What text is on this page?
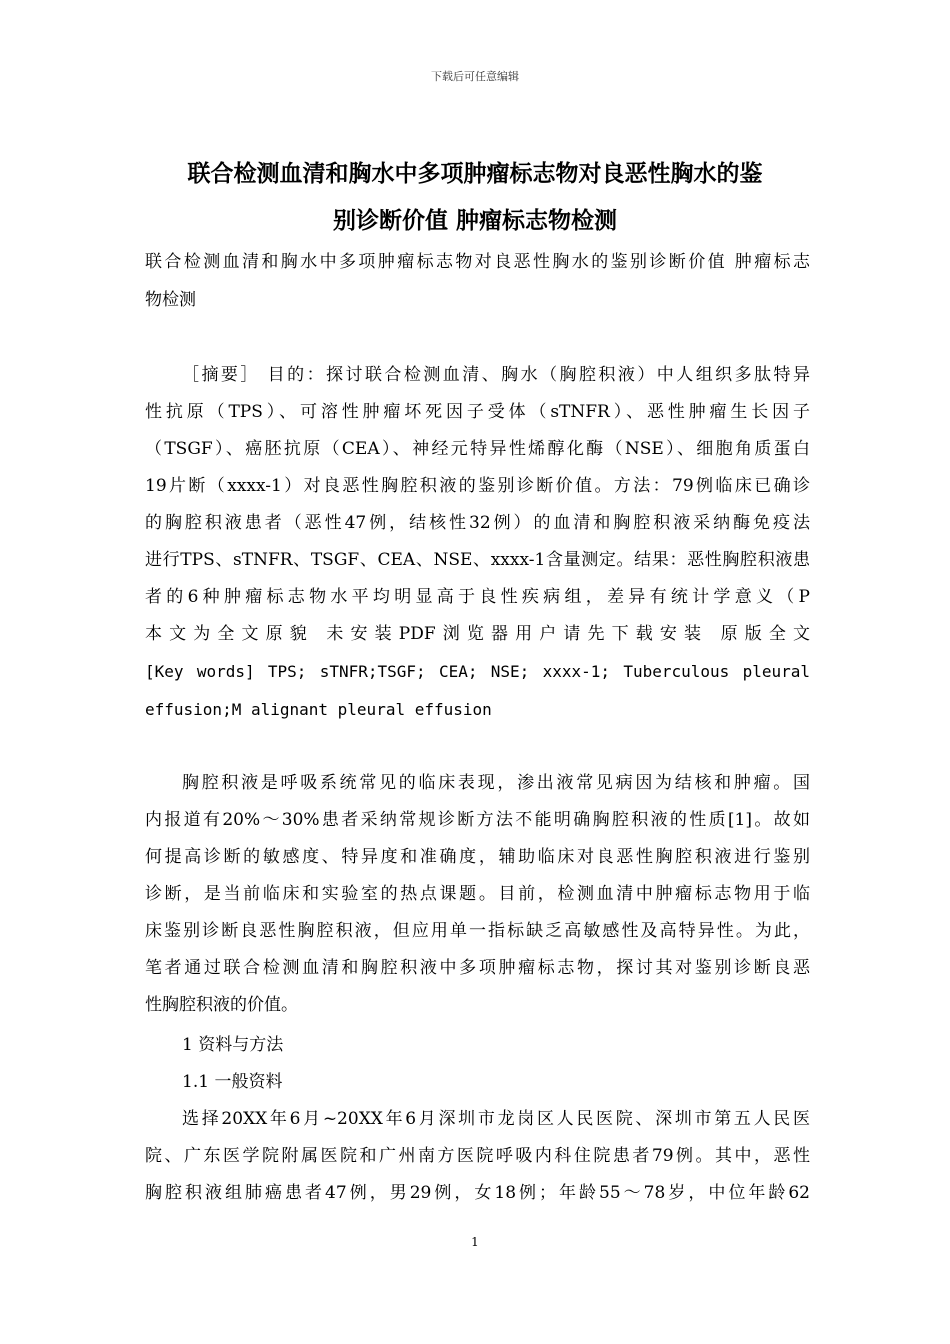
下载后可任意编辑
联合检测血清和胸水中多项肿瘤标志物对良恶性胸水的鉴
别诊断价值 肿瘤标志物检测
联合检测血清和胸水中多项肿瘤标志物对良恶性胸水的鉴别诊断价值 肿瘤标志
物检测
［摘要］ 目的：探讨联合检测血清、胸水（胸腔积液）中人组织多肽特异
性抗原（TPS）、可溶性肿瘤坏死因子受体（sTNFR）、恶性肿瘤生长因子
（TSGF）、癌胚抗原（CEA）、神经元特异性烯醇化酶（NSE）、细胞角质蛋白
19片断（xxxx-1）对良恶性胸腔积液的鉴别诊断价值。方法：79例临床已确诊
的胸腔积液患者（恶性47例，结核性32例）的血清和胸腔积液采纳酶免疫法
进行TPS、sTNFR、TSGF、CEA、NSE、xxxx-1含量测定。结果：恶性胸腔积液患
者的6种肿瘤标志物水平均明显高于良性疾病组，差异有统计学意义（P
本文为全文原貌 未安装PDF浏览器用户请先下载安装 原版全文
[Key words] TPS; sTNFR;TSGF; CEA; NSE; xxxx-1; Tuberculous pleural
effusion;M alignant pleural effusion
胸腔积液是呼吸系统常见的临床表现，渗出液常见病因为结核和肿瘤。国
内报道有20%～30%患者采纳常规诊断方法不能明确胸腔积液的性质[1]。故如
何提高诊断的敏感度、特异度和准确度，辅助临床对良恶性胸腔积液进行鉴别
诊断，是当前临床和实验室的热点课题。目前，检测血清中肿瘤标志物用于临
床鉴别诊断良恶性胸腔积液，但应用单一指标缺乏高敏感性及高特异性。为此，
笔者通过联合检测血清和胸腔积液中多项肿瘤标志物，探讨其对鉴别诊断良恶
性胸腔积液的价值。
1 资料与方法
1.1 一般资料
选择20XX年6月~20XX年6月深圳市龙岗区人民医院、深圳市第五人民医
院、广东医学院附属医院和广州南方医院呼吸内科住院患者79例。其中，恶性
胸腔积液组肺癌患者47例，男29例，女18例；年龄55～78岁，中位年龄62
1
